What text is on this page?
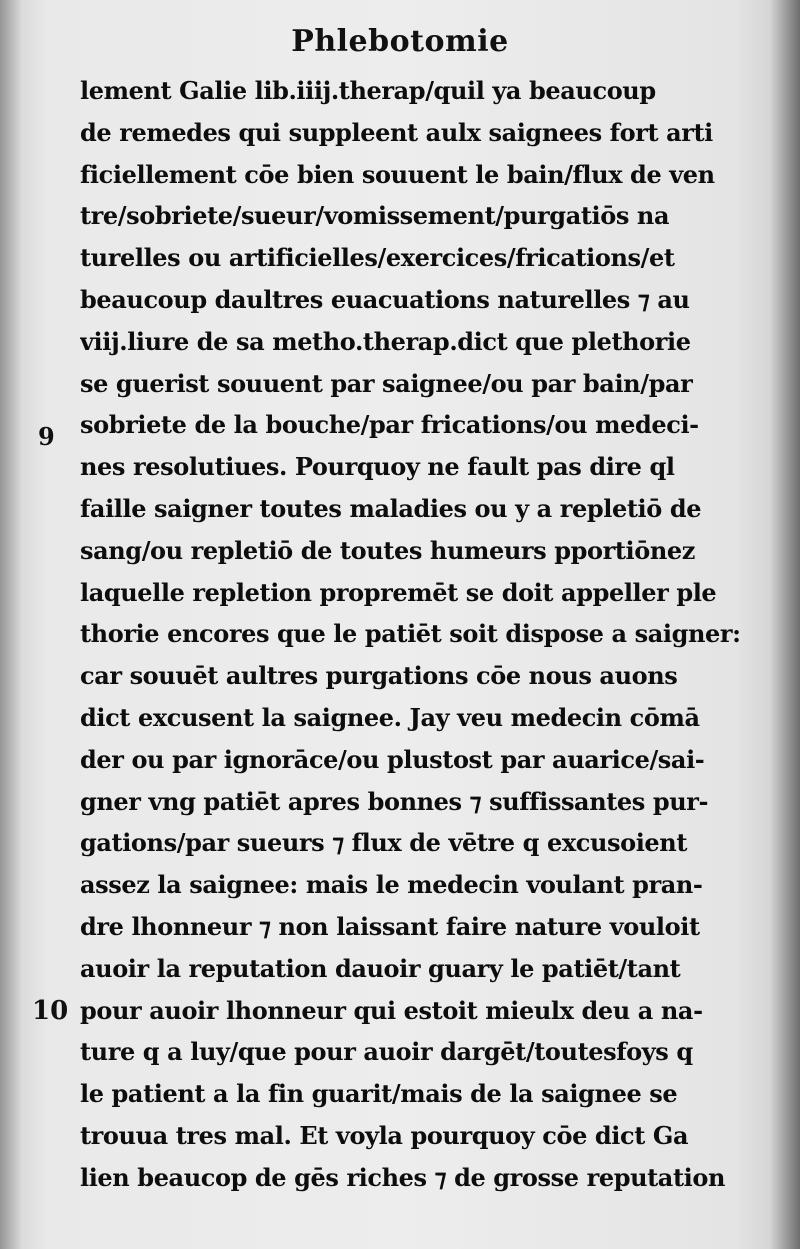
Phlebotomie
9
10
lement Galie lib.iiij.therap/quil ya beaucoup
de remedes qui suppleent aulx saignees fort arti
ficiellement cōe bien souuent le bain/flux de ven
tre/sobriete/sueur/vomissement/purgatiōs na
turelles ou artificielles/exercices/frications/et
beaucoup daultres euacuations naturelles ⁊ au
viij.liure de sa metho.therap.dict que plethorie
se guerist souuent par saignee/ou par bain/par
sobriete de la bouche/par frications/ou medeci-
nes resolutiues. Pourquoy ne fault pas dire ql
faille saigner toutes maladies ou y a repletiō de
sang/ou repletiō de toutes humeurs pportiōnez
laquelle repletion propremēt se doit appeller ple
thorie encores que le patiēt soit dispose a saigner:
car souuēt aultres purgations cōe nous auons
dict excusent la saignee. Jay veu medecin cōmā
der ou par ignorāce/ou plustost par auarice/sai-
gner vng patiēt apres bonnes ⁊ suffissantes pur-
gations/par sueurs ⁊ flux de vētre q excusoient
assez la saignee: mais le medecin voulant pran-
dre lhonneur ⁊ non laissant faire nature vouloit
auoir la reputation dauoir guary le patiēt/tant
pour auoir lhonneur qui estoit mieulx deu a na-
ture q a luy/que pour auoir dargēt/toutesfoys q
le patient a la fin guarit/mais de la saignee se
trouua tres mal. Et voyla pourquoy cōe dict Ga
lien beaucop de gēs riches ⁊ de grosse reputation
